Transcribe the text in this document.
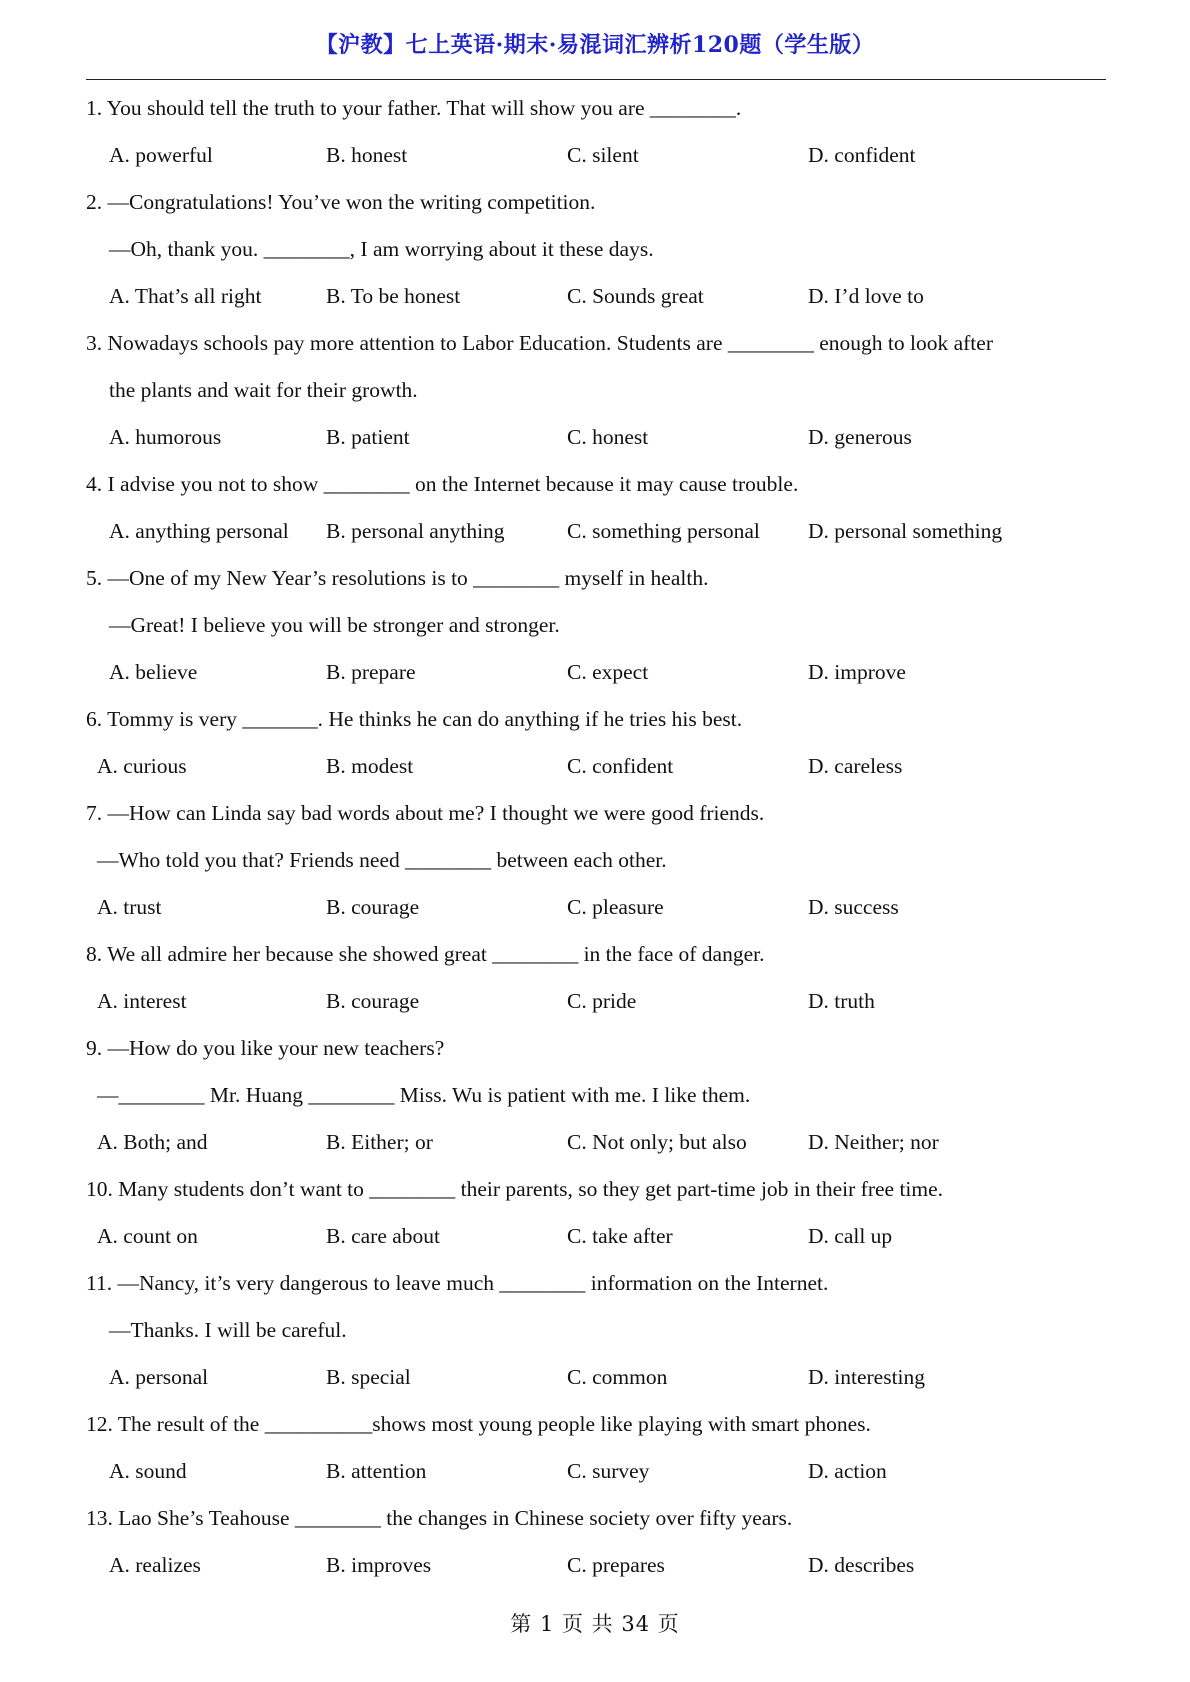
【沪教】七上英语·期末·易混词汇辨析120题（学生版）
1. You should tell the truth to your father. That will show you are ________.
A. powerful	B. honest	C. silent	D. confident
2. —Congratulations! You’ve won the writing competition.
—Oh, thank you. ________, I am worrying about it these days.
A. That’s all right	B. To be honest	C. Sounds great	D. I’d love to
3. Nowadays schools pay more attention to Labor Education. Students are ________ enough to look after
the plants and wait for their growth.
A. humorous	B. patient	C. honest	D. generous
4. I advise you not to show ________ on the Internet because it may cause trouble.
A. anything personal B. personal anything	C. something personal D. personal something
5. —One of my New Year’s resolutions is to ________ myself in health.
—Great! I believe you will be stronger and stronger.
A. believe	B. prepare	C. expect	D. improve
6. Tommy is very _______. He thinks he can do anything if he tries his best.
A. curious	B. modest	C. confident	D. careless
7. —How can Linda say bad words about me? I thought we were good friends.
—Who told you that? Friends need ________ between each other.
A. trust	B. courage	C. pleasure	D. success
8. We all admire her because she showed great ________ in the face of danger.
A. interest	B. courage	C. pride	D. truth
9. —How do you like your new teachers?
—________ Mr. Huang ________ Miss. Wu is patient with me. I like them.
A. Both; and	B. Either; or	C. Not only; but also	D. Neither; nor
10. Many students don’t want to ________ their parents, so they get part-time job in their free time.
A. count on	B. care about	C. take after	D. call up
11. —Nancy, it’s very dangerous to leave much ________ information on the Internet.
—Thanks. I will be careful.
A. personal	B. special	C. common	D. interesting
12. The result of the __________shows most young people like playing with smart phones.
A. sound	B. attention	C. survey	D. action
13. Lao She’s Teahouse ________ the changes in Chinese society over fifty years.
A. realizes	B. improves	C. prepares	D. describes
第 1 页 共 34 页
